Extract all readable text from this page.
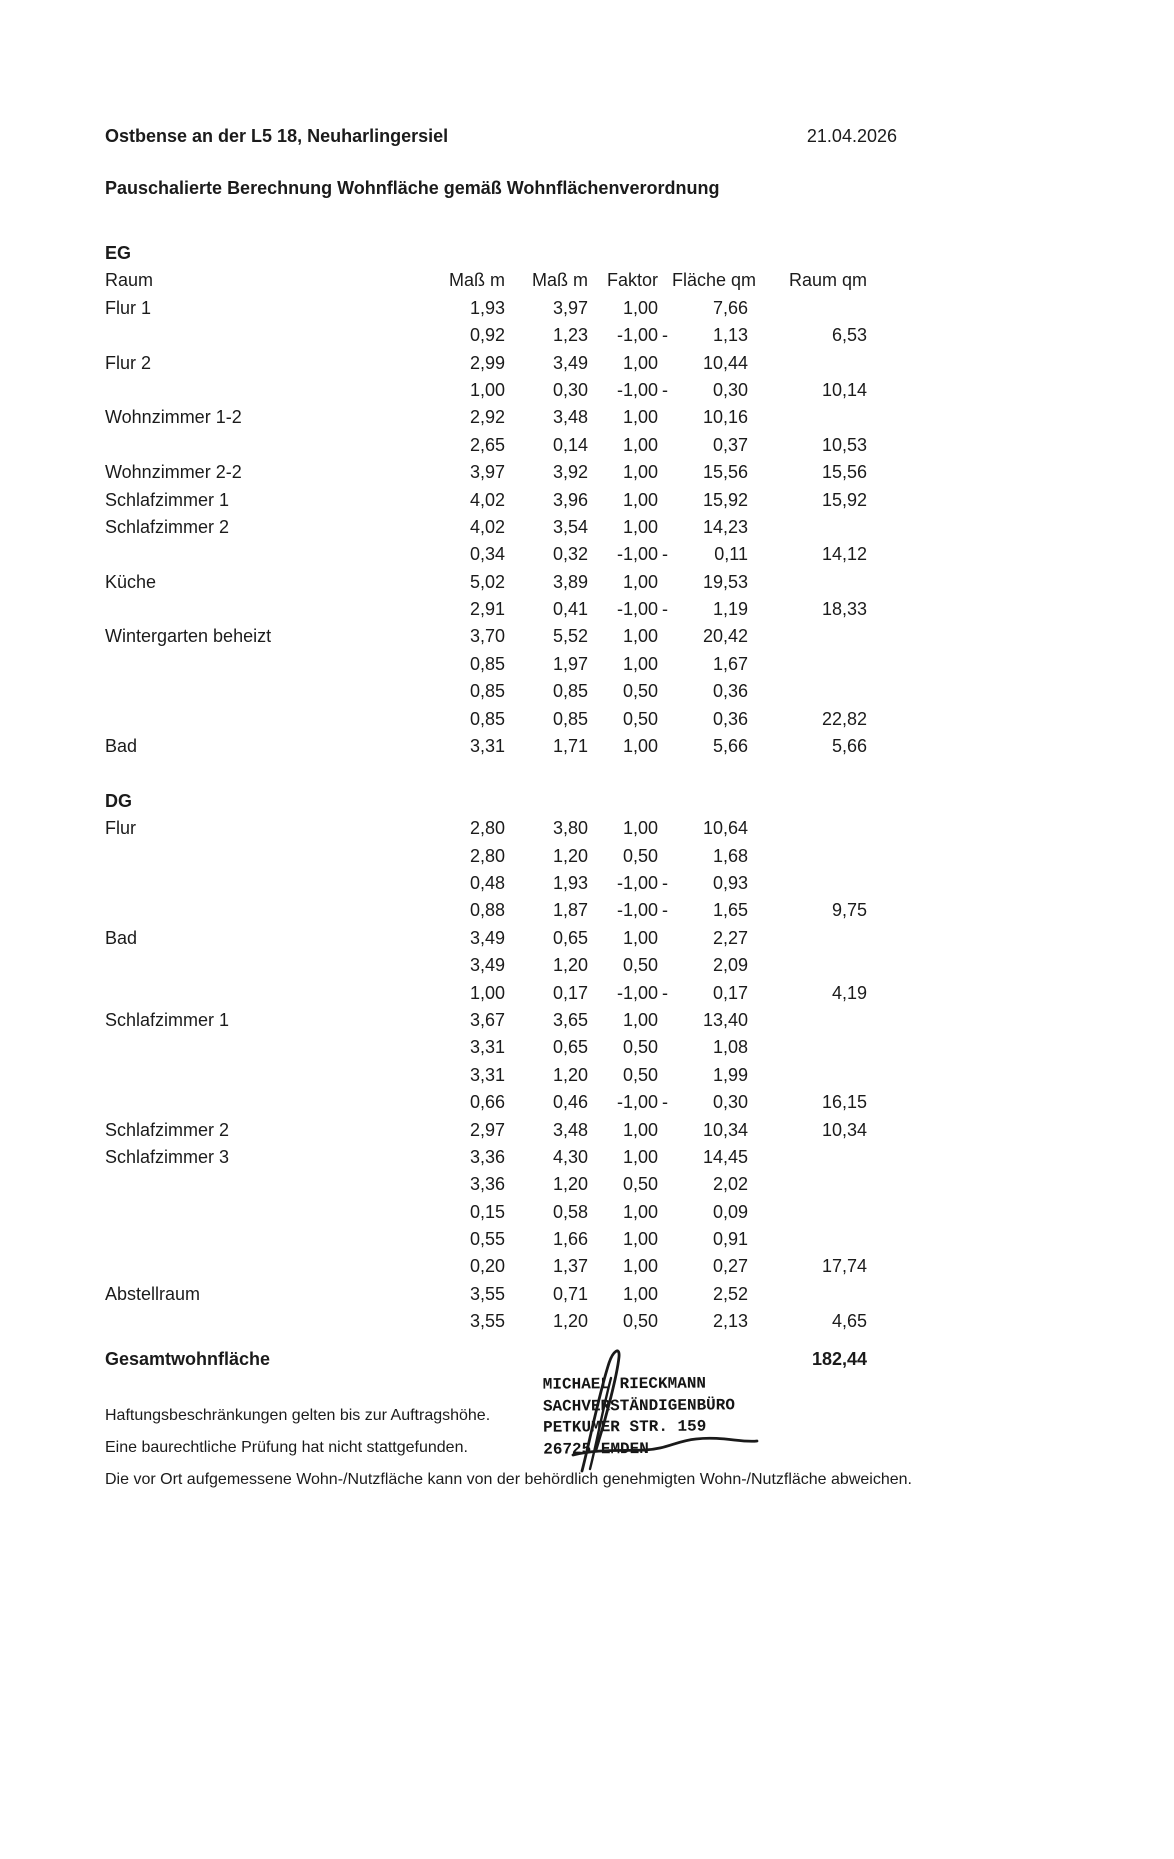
Ostbense an der L5 18, Neuharlingersiel	21.04.2026
Pauschalierte Berechnung Wohnfläche gemäß Wohnflächenverordnung
EG
Raum	Maß m	Maß m	Faktor Fläche qm	Raum qm
Flur 1	1,93	3,97	1,00	7,66
0,92	1,23	-1,00 -	1,13	6,53
Flur 2	2,99	3,49	1,00	10,44
1,00	0,30	-1,00 -	0,30	10,14
Wohnzimmer 1-2	2,92	3,48	1,00	10,16
2,65	0,14	1,00	0,37	10,53
Wohnzimmer 2-2	3,97	3,92	1,00	15,56	15,56
Schlafzimmer 1	4,02	3,96	1,00	15,92	15,92
Schlafzimmer 2	4,02	3,54	1,00	14,23
0,34	0,32	-1,00 -	0,11	14,12
Küche	5,02	3,89	1,00	19,53
2,91	0,41	-1,00 -	1,19	18,33
Wintergarten beheizt	3,70	5,52	1,00	20,42
0,85	1,97	1,00	1,67
0,85	0,85	0,50	0,36
0,85	0,85	0,50	0,36	22,82
Bad	3,31	1,71	1,00	5,66	5,66
DG
Flur	2,80	3,80	1,00	10,64
2,80	1,20	0,50	1,68
0,48	1,93	-1,00 -	0,93
0,88	1,87	-1,00 -	1,65	9,75
Bad	3,49	0,65	1,00	2,27
3,49	1,20	0,50	2,09
1,00	0,17	-1,00 -	0,17	4,19
Schlafzimmer 1	3,67	3,65	1,00	13,40
3,31	0,65	0,50	1,08
3,31	1,20	0,50	1,99
0,66	0,46	-1,00 -	0,30	16,15
Schlafzimmer 2	2,97	3,48	1,00	10,34	10,34
Schlafzimmer 3	3,36	4,30	1,00	14,45
3,36	1,20	0,50	2,02
0,15	0,58	1,00	0,09
0,55	1,66	1,00	0,91
0,20	1,37	1,00	0,27	17,74
Abstellraum	3,55	0,71	1,00	2,52
3,55	1,20	0,50	2,13	4,65
Gesamtwohnfläche	182,44
MICHAEL RIECKMANN
SACHVERSTÄNDIGENBÜRO
PETKUMER STR. 159
26725 EMDEN
Haftungsbeschränkungen gelten bis zur Auftragshöhe.
Eine baurechtliche Prüfung hat nicht stattgefunden.
Die vor Ort aufgemessene Wohn-/Nutzfläche kann von der behördlich genehmigten Wohn-/Nutzfläche abweichen.
